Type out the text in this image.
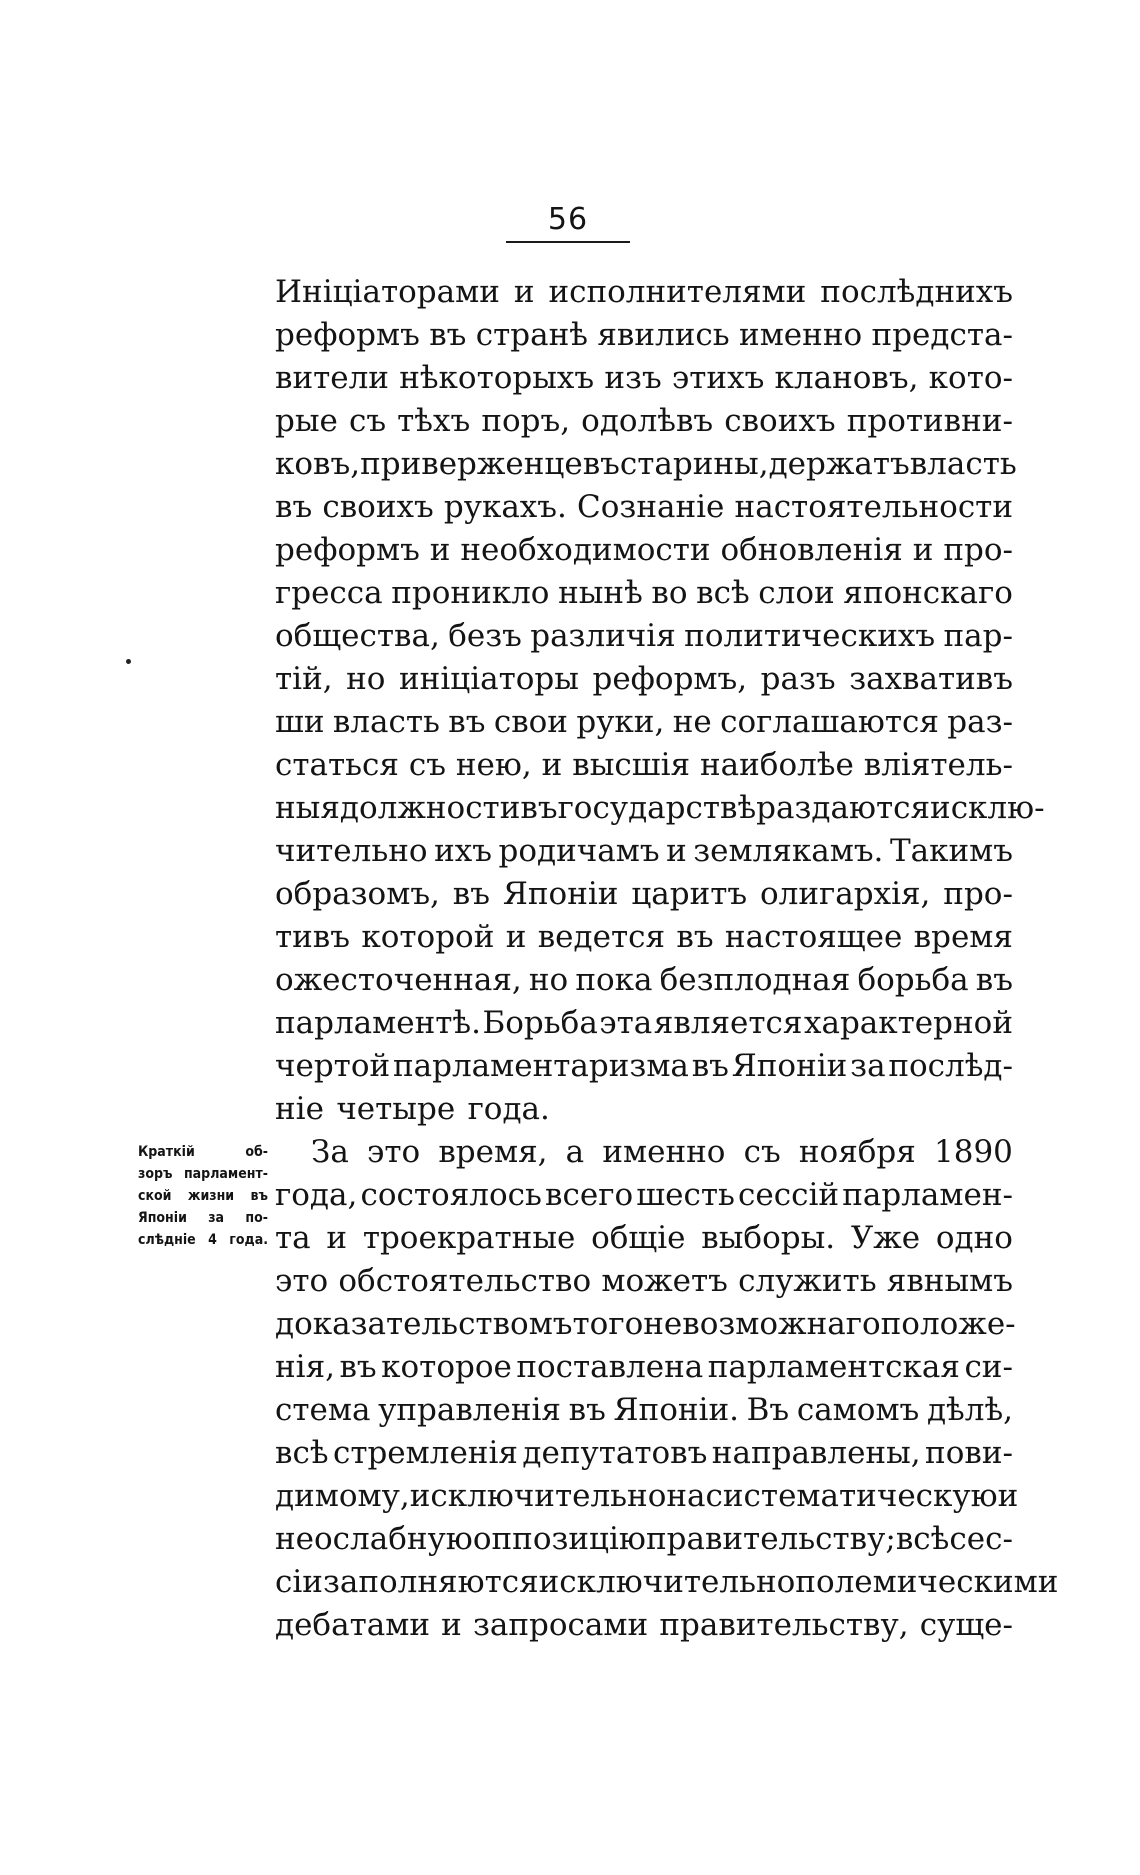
56
Инiцiаторами и исполнителями послѣднихъ
реформъ въ странѣ явились именно предста-
вители нѣкоторыхъ изъ этихъ клановъ, кото-
рые съ тѣхъ поръ, одолѣвъ своихъ противни-
ковъ, приверженцевъ старины, держатъ власть
въ своихъ рукахъ. Сознанiе настоятельности
реформъ и необходимости обновленiя и про-
гресса проникло нынѣ во всѣ слои японскаго
общества, безъ различiя политическихъ пар-
тiй, но инiцiаторы реформъ, разъ захвативъ
ши власть въ свои руки, не соглашаются раз-
статься съ нею, и высшiя наиболѣе влiятель-
ныя должности въ государствѣ раздаются исклю-
чительно ихъ родичамъ и землякамъ. Такимъ
образомъ, въ Японiи царитъ олигархiя, про-
тивъ которой и ведется въ настоящее время
ожесточенная, но пока безплодная борьба въ
парламентѣ. Борьба эта является характерной
чертой парламентаризма въ Японiи за послѣд-
нiе четыре года.
За это время, а именно съ ноября 1890
года, состоялось всего шесть сессiй парламен-
та и троекратные общiе выборы. Уже одно
это обстоятельство можетъ служить явнымъ
доказательствомъ того невозможнаго положе-
нiя, въ которое поставлена парламентская си-
стема управленiя въ Японiи. Въ самомъ дѣлѣ,
всѣ стремленiя депутатовъ направлены, пови-
димому, исключительно на систематическую и
неослабную оппозицiю правительству; всѣ сес-
сiи заполняются исключительно полемическими
дебатами и запросами правительству, суще-
Краткiй	об-
зоръ парламент-
ской жизни въ
Японiи за по-
слѣднiе 4 года.
